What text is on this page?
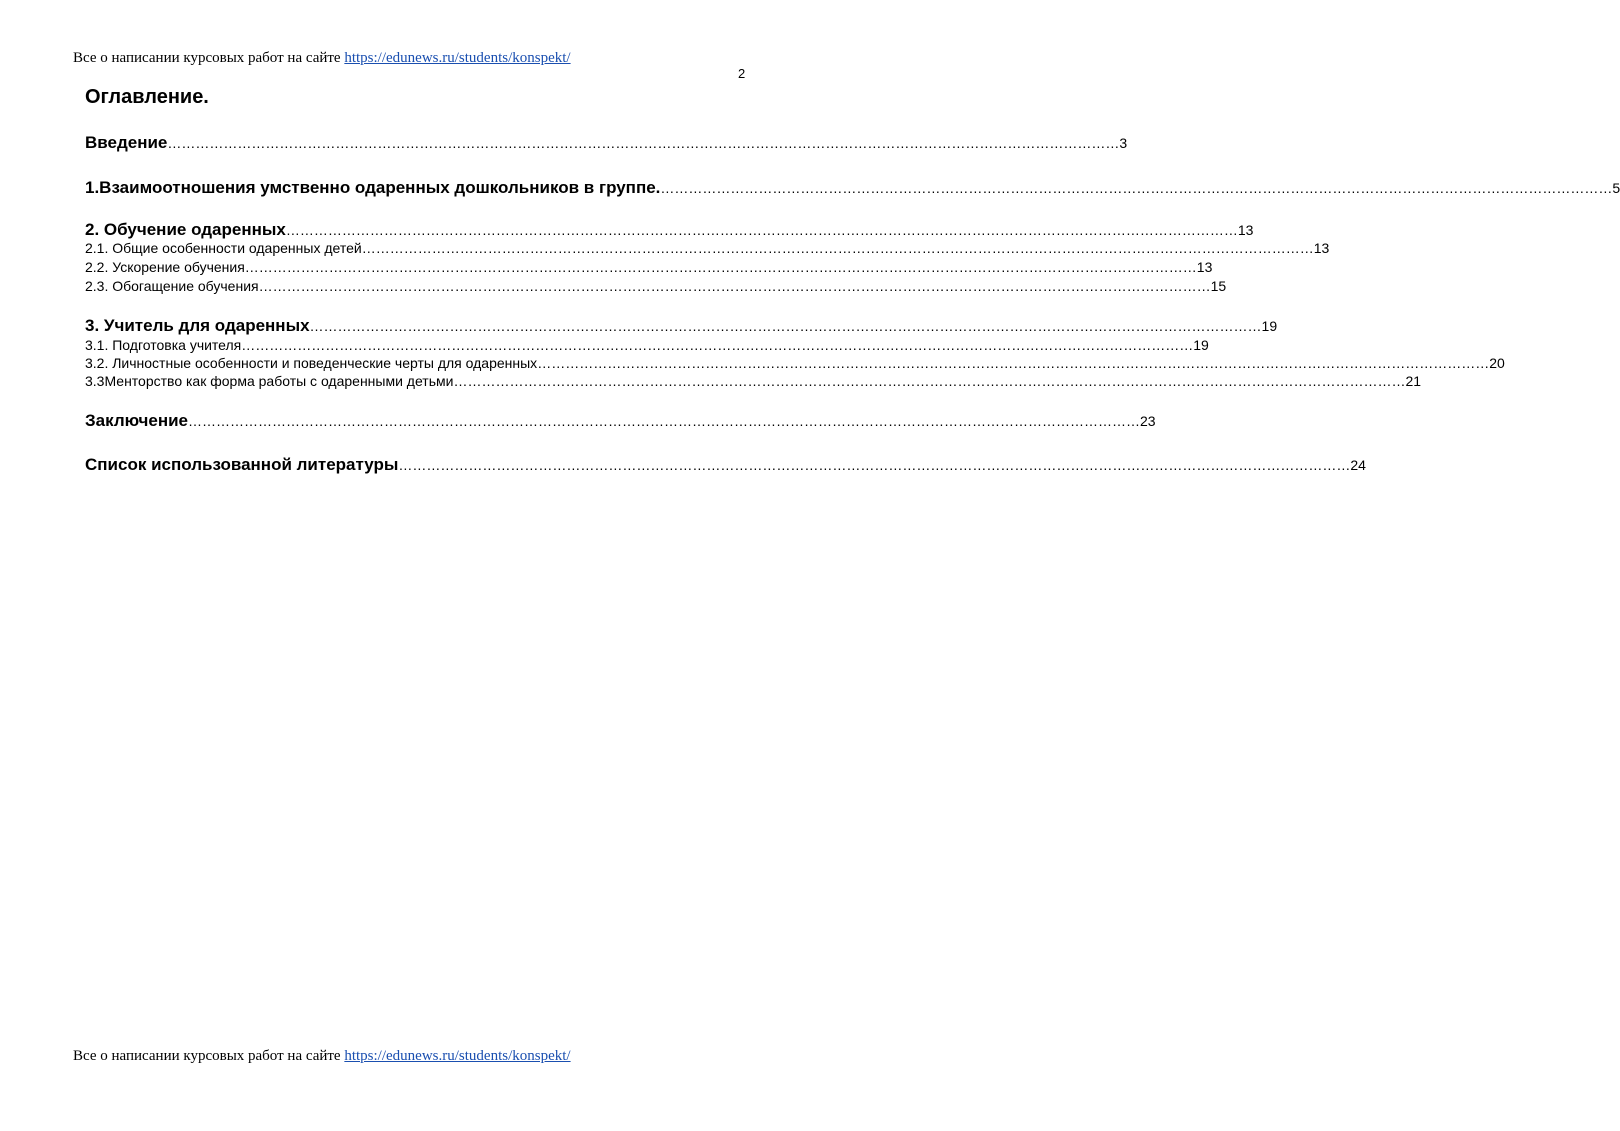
Все о написании курсовых работ на сайте https://edunews.ru/students/konspekt/
2
Оглавление.
Введение …………………………………………………………………………………………………………………………………………………………………………………… 3
1.Взаимоотношения умственно одаренных дошкольников в группе. …………………………………………………………………………………………………………………………………………………………………………………… 5
2. Обучение одаренных …………………………………………………………………………………………………………………………………………………………………………………… 13
2.1. Общие особенности одаренных детей …………………………………………………………………………………………………………………………………………………………………………………… 13
2.2. Ускорение обучения …………………………………………………………………………………………………………………………………………………………………………………… 13
2.3. Обогащение обучения …………………………………………………………………………………………………………………………………………………………………………………… 15
3. Учитель для одаренных …………………………………………………………………………………………………………………………………………………………………………………… 19
3.1. Подготовка учителя …………………………………………………………………………………………………………………………………………………………………………………… 19
3.2. Личностные особенности и поведенческие черты для одаренных …………………………………………………………………………………………………………………………………………………………………………………… 20
3.3Менторство как форма работы с одаренными детьми …………………………………………………………………………………………………………………………………………………………………………………… 21
Заключение …………………………………………………………………………………………………………………………………………………………………………………… 23
Список использованной литературы …………………………………………………………………………………………………………………………………………………………………………………… 24
Все о написании курсовых работ на сайте https://edunews.ru/students/konspekt/
